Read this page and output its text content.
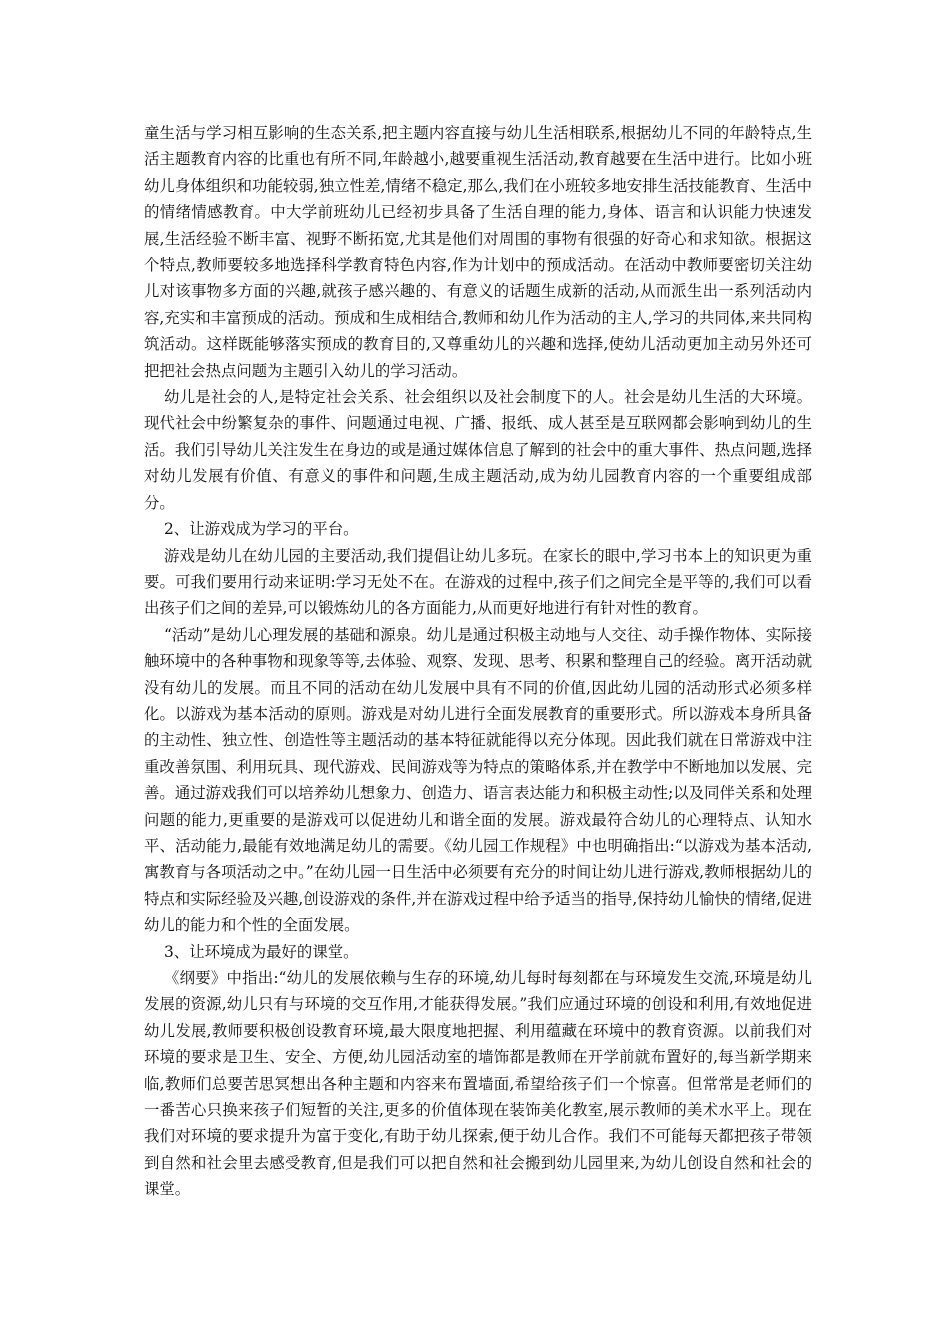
童生活与学习相互影响的生态关系,把主题内容直接与幼儿生活相联系,根据幼儿不同的年龄特点,生活主题教育内容的比重也有所不同,年龄越小,越要重视生活活动,教育越要在生活中进行。比如小班幼儿身体组织和功能较弱,独立性差,情绪不稳定,那么,我们在小班较多地安排生活技能教育、生活中的情绪情感教育。中大学前班幼儿已经初步具备了生活自理的能力,身体、语言和认识能力快速发展,生活经验不断丰富、视野不断拓宽,尤其是他们对周围的事物有很强的好奇心和求知欲。根据这个特点,教师要较多地选择科学教育特色内容,作为计划中的预成活动。在活动中教师要密切关注幼儿对该事物多方面的兴趣,就孩子感兴趣的、有意义的话题生成新的活动,从而派生出一系列活动内容,充实和丰富预成的活动。预成和生成相结合,教师和幼儿作为活动的主人,学习的共同体,来共同构筑活动。这样既能够落实预成的教育目的,又尊重幼儿的兴趣和选择,使幼儿活动更加主动另外还可把把社会热点问题为主题引入幼儿的学习活动。

幼儿是社会的人,是特定社会关系、社会组织以及社会制度下的人。社会是幼儿生活的大环境。现代社会中纷繁复杂的事件、问题通过电视、广播、报纸、成人甚至是互联网都会影响到幼儿的生活。我们引导幼儿关注发生在身边的或是通过媒体信息了解到的社会中的重大事件、热点问题,选择对幼儿发展有价值、有意义的事件和问题,生成主题活动,成为幼儿园教育内容的一个重要组成部分。

2、让游戏成为学习的平台。

游戏是幼儿在幼儿园的主要活动,我们提倡让幼儿多玩。在家长的眼中,学习书本上的知识更为重要。可我们要用行动来证明:学习无处不在。在游戏的过程中,孩子们之间完全是平等的,我们可以看出孩子们之间的差异,可以锻炼幼儿的各方面能力,从而更好地进行有针对性的教育。

“活动”是幼儿心理发展的基础和源泉。幼儿是通过积极主动地与人交往、动手操作物体、实际接触环境中的各种事物和现象等等,去体验、观察、发现、思考、积累和整理自己的经验。离开活动就没有幼儿的发展。而且不同的活动在幼儿发展中具有不同的价值,因此幼儿园的活动形式必须多样化。以游戏为基本活动的原则。游戏是对幼儿进行全面发展教育的重要形式。所以游戏本身所具备的主动性、独立性、创造性等主题活动的基本特征就能得以充分体现。因此我们就在日常游戏中注重改善氛围、利用玩具、现代游戏、民间游戏等为特点的策略体系,并在教学中不断地加以发展、完善。通过游戏我们可以培养幼儿想象力、创造力、语言表达能力和积极主动性;以及同伴关系和处理问题的能力,更重要的是游戏可以促进幼儿和谐全面的发展。游戏最符合幼儿的心理特点、认知水平、活动能力,最能有效地满足幼儿的需要。《幼儿园工作规程》中也明确指出:“以游戏为基本活动,寓教育与各项活动之中。”在幼儿园一日生活中必须要有充分的时间让幼儿进行游戏,教师根据幼儿的特点和实际经验及兴趣,创设游戏的条件,并在游戏过程中给予适当的指导,保持幼儿愉快的情绪,促进幼儿的能力和个性的全面发展。

3、让环境成为最好的课堂。

《纲要》中指出:“幼儿的发展依赖与生存的环境,幼儿每时每刻都在与环境发生交流,环境是幼儿发展的资源,幼儿只有与环境的交互作用,才能获得发展。”我们应通过环境的创设和利用,有效地促进幼儿发展,教师要积极创设教育环境,最大限度地把握、利用蕴藏在环境中的教育资源。以前我们对环境的要求是卫生、安全、方便,幼儿园活动室的墙饰都是教师在开学前就布置好的,每当新学期来临,教师们总要苦思冥想出各种主题和内容来布置墙面,希望给孩子们一个惊喜。但常常是老师们的一番苦心只换来孩子们短暂的关注,更多的价值体现在装饰美化教室,展示教师的美术水平上。现在我们对环境的要求提升为富于变化,有助于幼儿探索,便于幼儿合作。我们不可能每天都把孩子带领到自然和社会里去感受教育,但是我们可以把自然和社会搬到幼儿园里来,为幼儿创设自然和社会的课堂。
